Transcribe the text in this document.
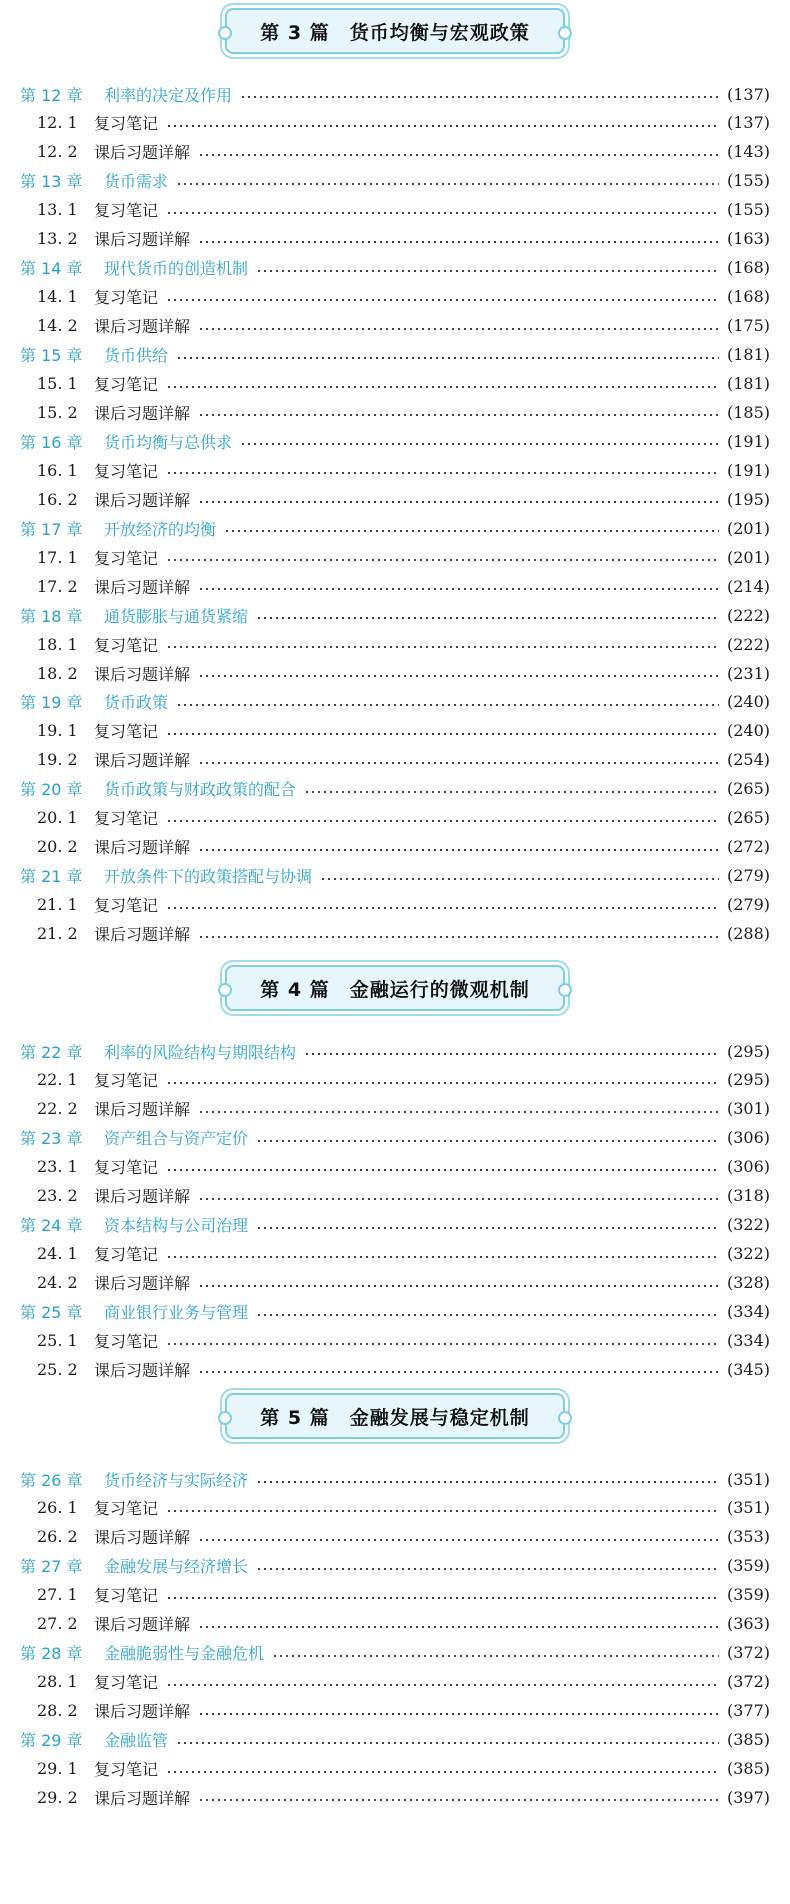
第 3 篇　货币均衡与宏观政策
第 12 章	利率的决定及作用	(137)
12. 1	复习笔记	(137)
12. 2	课后习题详解	(143)
第 13 章	货币需求	(155)
13. 1	复习笔记	(155)
13. 2	课后习题详解	(163)
第 14 章	现代货币的创造机制	(168)
14. 1	复习笔记	(168)
14. 2	课后习题详解	(175)
第 15 章	货币供给	(181)
15. 1	复习笔记	(181)
15. 2	课后习题详解	(185)
第 16 章	货币均衡与总供求	(191)
16. 1	复习笔记	(191)
16. 2	课后习题详解	(195)
第 17 章	开放经济的均衡	(201)
17. 1	复习笔记	(201)
17. 2	课后习题详解	(214)
第 18 章	通货膨胀与通货紧缩	(222)
18. 1	复习笔记	(222)
18. 2	课后习题详解	(231)
第 19 章	货币政策	(240)
19. 1	复习笔记	(240)
19. 2	课后习题详解	(254)
第 20 章	货币政策与财政政策的配合	(265)
20. 1	复习笔记	(265)
20. 2	课后习题详解	(272)
第 21 章	开放条件下的政策搭配与协调	(279)
21. 1	复习笔记	(279)
21. 2	课后习题详解	(288)
第 4 篇　金融运行的微观机制
第 22 章	利率的风险结构与期限结构	(295)
22. 1	复习笔记	(295)
22. 2	课后习题详解	(301)
第 23 章	资产组合与资产定价	(306)
23. 1	复习笔记	(306)
23. 2	课后习题详解	(318)
第 24 章	资本结构与公司治理	(322)
24. 1	复习笔记	(322)
24. 2	课后习题详解	(328)
第 25 章	商业银行业务与管理	(334)
25. 1	复习笔记	(334)
25. 2	课后习题详解	(345)
第 5 篇　金融发展与稳定机制
第 26 章	货币经济与实际经济	(351)
26. 1	复习笔记	(351)
26. 2	课后习题详解	(353)
第 27 章	金融发展与经济增长	(359)
27. 1	复习笔记	(359)
27. 2	课后习题详解	(363)
第 28 章	金融脆弱性与金融危机	(372)
28. 1	复习笔记	(372)
28. 2	课后习题详解	(377)
第 29 章	金融监管	(385)
29. 1	复习笔记	(385)
29. 2	课后习题详解	(397)
